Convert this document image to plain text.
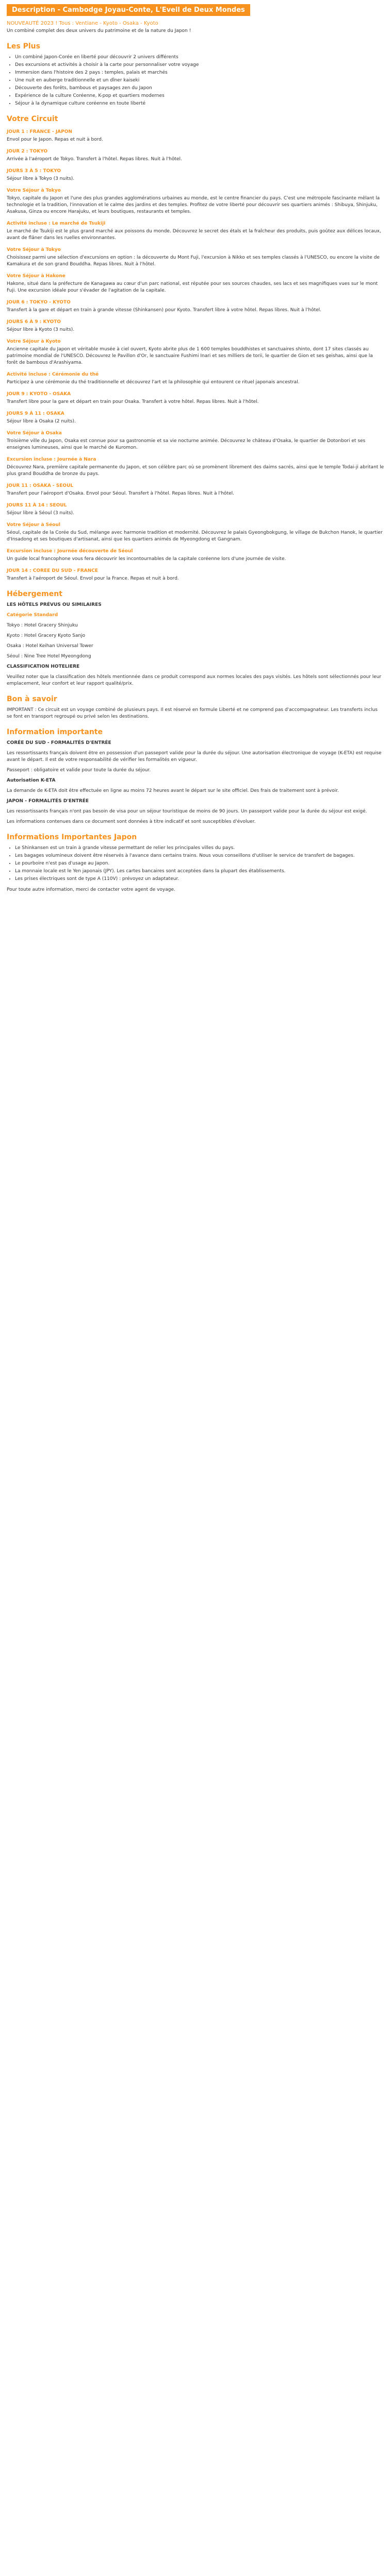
Description - Cambodge Joyau-Conte, L'Eveil de Deux Mondes
NOUVEAUTÉ 2023 ! Tous : Ventiane - Kyoto - Osaka - Kyoto
Un combiné complet des deux univers du patrimoine et de la nature du Japon !
Les Plus
• Un combiné Japon-Corée en liberté pour découvrir 2 univers différents
• Des excursions et activités à choisir à la carte pour personnaliser votre voyage
• Immersion dans l'histoire des 2 pays : temples, palais et marchés
• Une nuit en auberge traditionnelle et un dîner kaiseki
• Découverte des forêts, bambous et paysages zen du Japon
• Expérience de la culture Coréenne, K-pop et quartiers modernes
• Séjour à la dynamique culture coréenne en toute liberté
Votre Circuit
JOUR 1 : FRANCE - JAPON

Envol pour le Japon. Repas et nuit à bord.

JOUR 2 : TOKYO

Arrivée à l'aéroport de Tokyo. Transfert à l'hôtel. Repas libres. Nuit à l'hôtel.

JOURS 3 À 5 : TOKYO

Séjour libre à Tokyo (3 nuits).

Votre Séjour à Tokyo

Tokyo, capitale du Japon et l'une des plus grandes agglomérations urbaines au monde, est le centre financier du pays. C'est une métropole fascinante mêlant la technologie et la tradition, l'innovation et le calme des jardins et des temples. Profitez de votre liberté pour découvrir ses quartiers animés : Shibuya, Shinjuku, Asakusa, Ginza ou encore Harajuku, et leurs boutiques, restaurants et temples.

Activité incluse : Le marché de Tsukiji

Le marché de Tsukiji est le plus grand marché aux poissons du monde. Découvrez le secret des étals et la fraîcheur des produits, puis goûtez aux délices locaux, avant de flâner dans les ruelles environnantes.

Votre Séjour à Tokyo

Choisissez parmi une sélection d'excursions en option : la découverte du Mont Fuji, l'excursion à Nikko et ses temples classés à l'UNESCO, ou encore la visite de Kamakura et de son grand Bouddha. Repas libres. Nuit à l'hôtel.

Votre Séjour à Hakone

Hakone, situé dans la préfecture de Kanagawa au cœur d'un parc national, est réputée pour ses sources chaudes, ses lacs et ses magnifiques vues sur le mont Fuji. Une excursion idéale pour s'évader de l'agitation de la capitale.

JOUR 6 : TOKYO - KYOTO

Transfert à la gare et départ en train à grande vitesse (Shinkansen) pour Kyoto. Transfert libre à votre hôtel. Repas libres. Nuit à l'hôtel.

JOURS 6 À 9 : KYOTO

Séjour libre à Kyoto (3 nuits).

Votre Séjour à Kyoto

Ancienne capitale du Japon et véritable musée à ciel ouvert, Kyoto abrite plus de 1 600 temples bouddhistes et sanctuaires shinto, dont 17 sites classés au patrimoine mondial de l'UNESCO. Découvrez le Pavillon d'Or, le sanctuaire Fushimi Inari et ses milliers de torii, le quartier de Gion et ses geishas, ainsi que la forêt de bambous d'Arashiyama.

Activité incluse : Cérémonie du thé

Participez à une cérémonie du thé traditionnelle et découvrez l'art et la philosophie qui entourent ce rituel japonais ancestral.

JOUR 9 : KYOTO - OSAKA

Transfert libre pour la gare et départ en train pour Osaka. Transfert à votre hôtel. Repas libres. Nuit à l'hôtel.

JOURS 9 À 11 : OSAKA

Séjour libre à Osaka (2 nuits).

Votre Séjour à Osaka

Troisième ville du Japon, Osaka est connue pour sa gastronomie et sa vie nocturne animée. Découvrez le château d'Osaka, le quartier de Dotonbori et ses enseignes lumineuses, ainsi que le marché de Kuromon.

Excursion incluse : Journée à Nara

Découvrez Nara, première capitale permanente du Japon, et son célèbre parc où se promènent librement des daims sacrés, ainsi que le temple Todai-ji abritant le plus grand Bouddha de bronze du pays.

JOUR 11 : OSAKA - SEOUL

Transfert pour l'aéroport d'Osaka. Envol pour Séoul. Transfert à l'hôtel. Repas libres. Nuit à l'hôtel.

JOURS 11 À 14 : SEOUL

Séjour libre à Séoul (3 nuits).

Votre Séjour à Séoul

Séoul, capitale de la Corée du Sud, mélange avec harmonie tradition et modernité. Découvrez le palais Gyeongbokgung, le village de Bukchon Hanok, le quartier d'Insadong et ses boutiques d'artisanat, ainsi que les quartiers animés de Myeongdong et Gangnam.

Excursion incluse : Journée découverte de Séoul

Un guide local francophone vous fera découvrir les incontournables de la capitale coréenne lors d'une journée de visite.

JOUR 14 : COREE DU SUD - FRANCE

Transfert à l'aéroport de Séoul. Envol pour la France. Repas et nuit à bord.

Hébergement

LES HÔTELS PRÉVUS OU SIMILAIRES

Catégorie Standard

Tokyo : Hotel Gracery Shinjuku

Kyoto : Hotel Gracery Kyoto Sanjo

Osaka : Hotel Keihan Universal Tower

Séoul : Nine Tree Hotel Myeongdong

CLASSIFICATION HOTELIERE

Veuillez noter que la classification des hôtels mentionnée dans ce produit correspond aux normes locales des pays visités. Les hôtels sont sélectionnés pour leur emplacement, leur confort et leur rapport qualité/prix.

Bon à savoir

IMPORTANT : Ce circuit est un voyage combiné de plusieurs pays. Il est réservé en formule Liberté et ne comprend pas d'accompagnateur. Les transferts inclus se font en transport regroupé ou privé selon les destinations.

Information importante

CORÉE DU SUD - FORMALITÉS D'ENTRÉE

Les ressortissants français doivent être en possession d'un passeport valide pour la durée du séjour. Une autorisation électronique de voyage (K-ETA) est requise avant le départ. Il est de votre responsabilité de vérifier les formalités en vigueur.

Passeport : obligatoire et valide pour toute la durée du séjour.

Autorisation K-ETA

La demande de K-ETA doit être effectuée en ligne au moins 72 heures avant le départ sur le site officiel. Des frais de traitement sont à prévoir.

JAPON - FORMALITÉS D'ENTRÉE

Les ressortissants français n'ont pas besoin de visa pour un séjour touristique de moins de 90 jours. Un passeport valide pour la durée du séjour est exigé.

Les informations contenues dans ce document sont données à titre indicatif et sont susceptibles d'évoluer.

Informations Importantes Japon
• Le Shinkansen est un train à grande vitesse permettant de relier les principales villes du pays.
• Les bagages volumineux doivent être réservés à l'avance dans certains trains. Nous vous conseillons d'utiliser le service de transfert de bagages.
• Le pourboire n'est pas d'usage au Japon.
• La monnaie locale est le Yen japonais (JPY). Les cartes bancaires sont acceptées dans la plupart des établissements.
• Les prises électriques sont de type A (110V) : prévoyez un adaptateur.

Pour toute autre information, merci de contacter votre agent de voyage.
